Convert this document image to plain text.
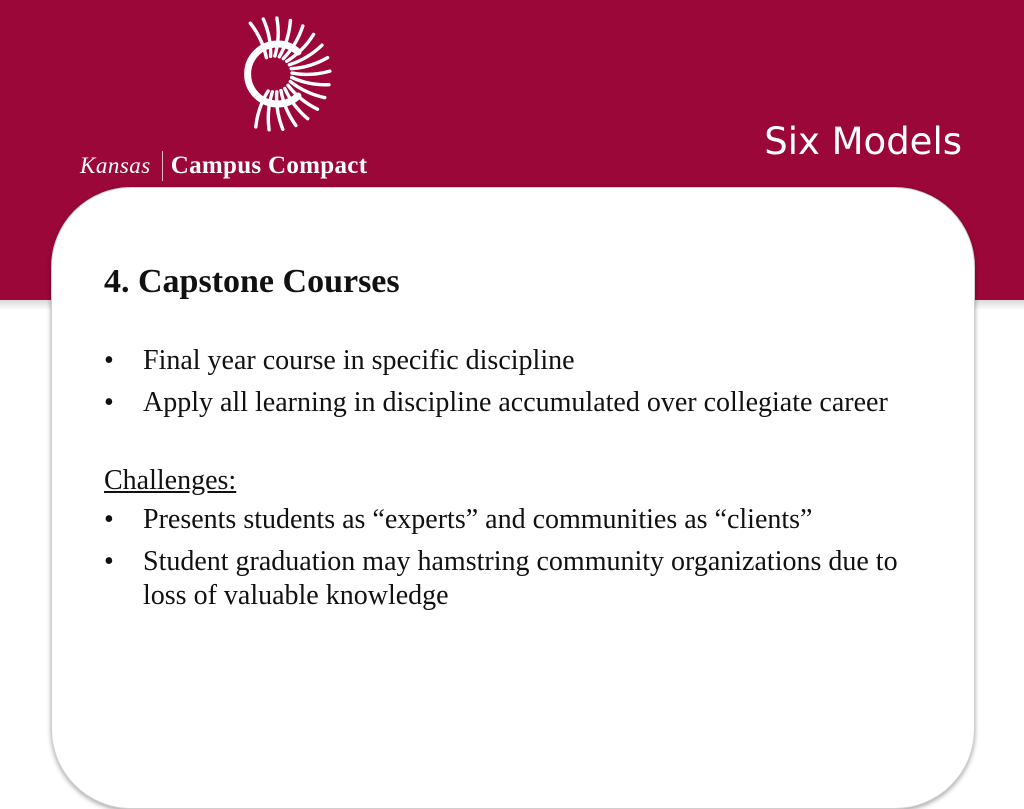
Kansas Campus Compact
Six Models
4. Capstone Courses
• Final year course in specific discipline
• Apply all learning in discipline accumulated over collegiate career
Challenges:
• Presents students as “experts” and communities as “clients”
• Student graduation may hamstring community organizations due to loss of valuable knowledge
